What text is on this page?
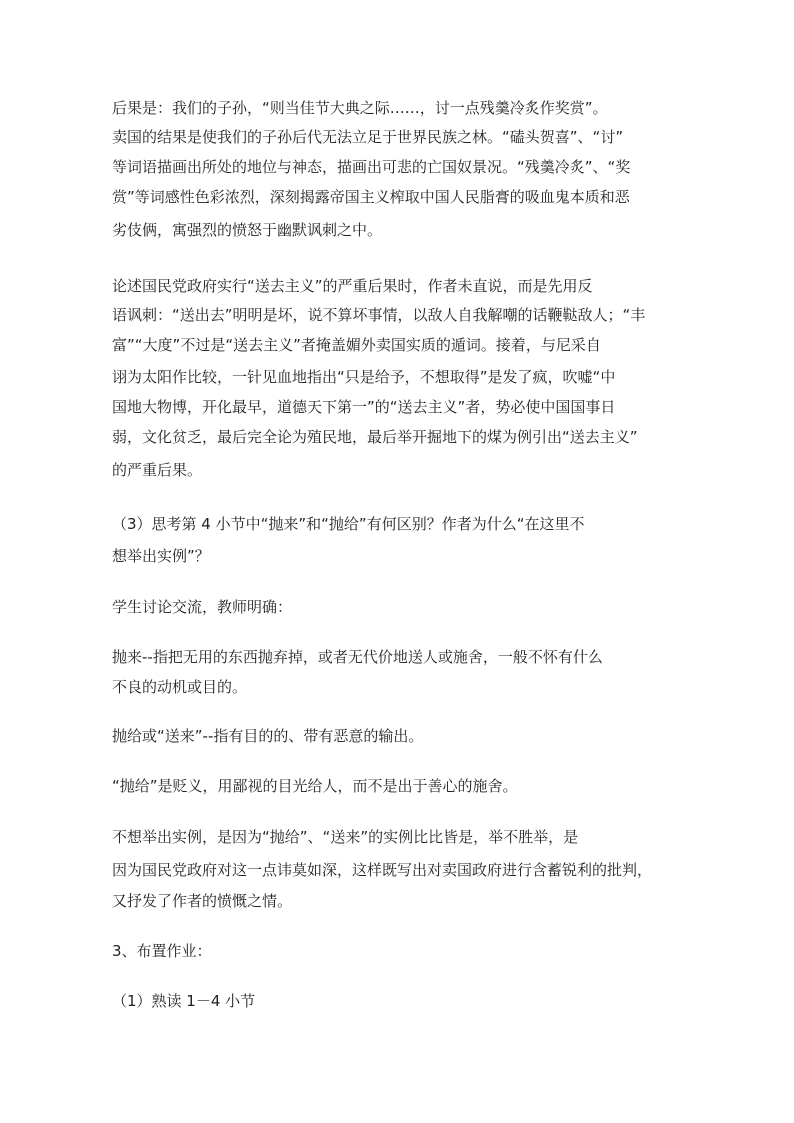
后果是：我们的子孙，“则当佳节大典之际……，讨一点残羹冷炙作奖赏”。

卖国的结果是使我们的子孙后代无法立足于世界民族之林。“磕头贺喜”、“讨”

等词语描画出所处的地位与神态，描画出可悲的亡国奴景况。“残羹冷炙”、“奖

赏”等词感性色彩浓烈，深刻揭露帝国主义榨取中国人民脂膏的吸血鬼本质和恶

劣伎俩，寓强烈的愤怒于幽默讽刺之中。

论述国民党政府实行“送去主义”的严重后果时，作者未直说，而是先用反

语讽刺：“送出去”明明是坏，说不算坏事情，以敌人自我解嘲的话鞭鞑敌人；“丰

富”“大度”不过是“送去主义”者掩盖媚外卖国实质的遁词。接着，与尼采自

诩为太阳作比较，一针见血地指出“只是给予，不想取得”是发了疯，吹嘘“中

国地大物博，开化最早，道德天下第一”的“送去主义”者，势必使中国国事日

弱，文化贫乏，最后完全论为殖民地，最后举开掘地下的煤为例引出“送去主义”

的严重后果。

（3）思考第 4 小节中“抛来”和“抛给”有何区别？作者为什么“在这里不

想举出实例”？

学生讨论交流，教师明确：

抛来--指把无用的东西抛弃掉，或者无代价地送人或施舍，一般不怀有什么

不良的动机或目的。

抛给或“送来”--指有目的的、带有恶意的输出。

“抛给”是贬义，用鄙视的目光给人，而不是出于善心的施舍。

不想举出实例，是因为“抛给”、“送来”的实例比比皆是，举不胜举，是

因为国民党政府对这一点讳莫如深，这样既写出对卖国政府进行含蓄锐利的批判，

又抒发了作者的愤慨之情。

3、布置作业：

（1）熟读 1－4 小节
